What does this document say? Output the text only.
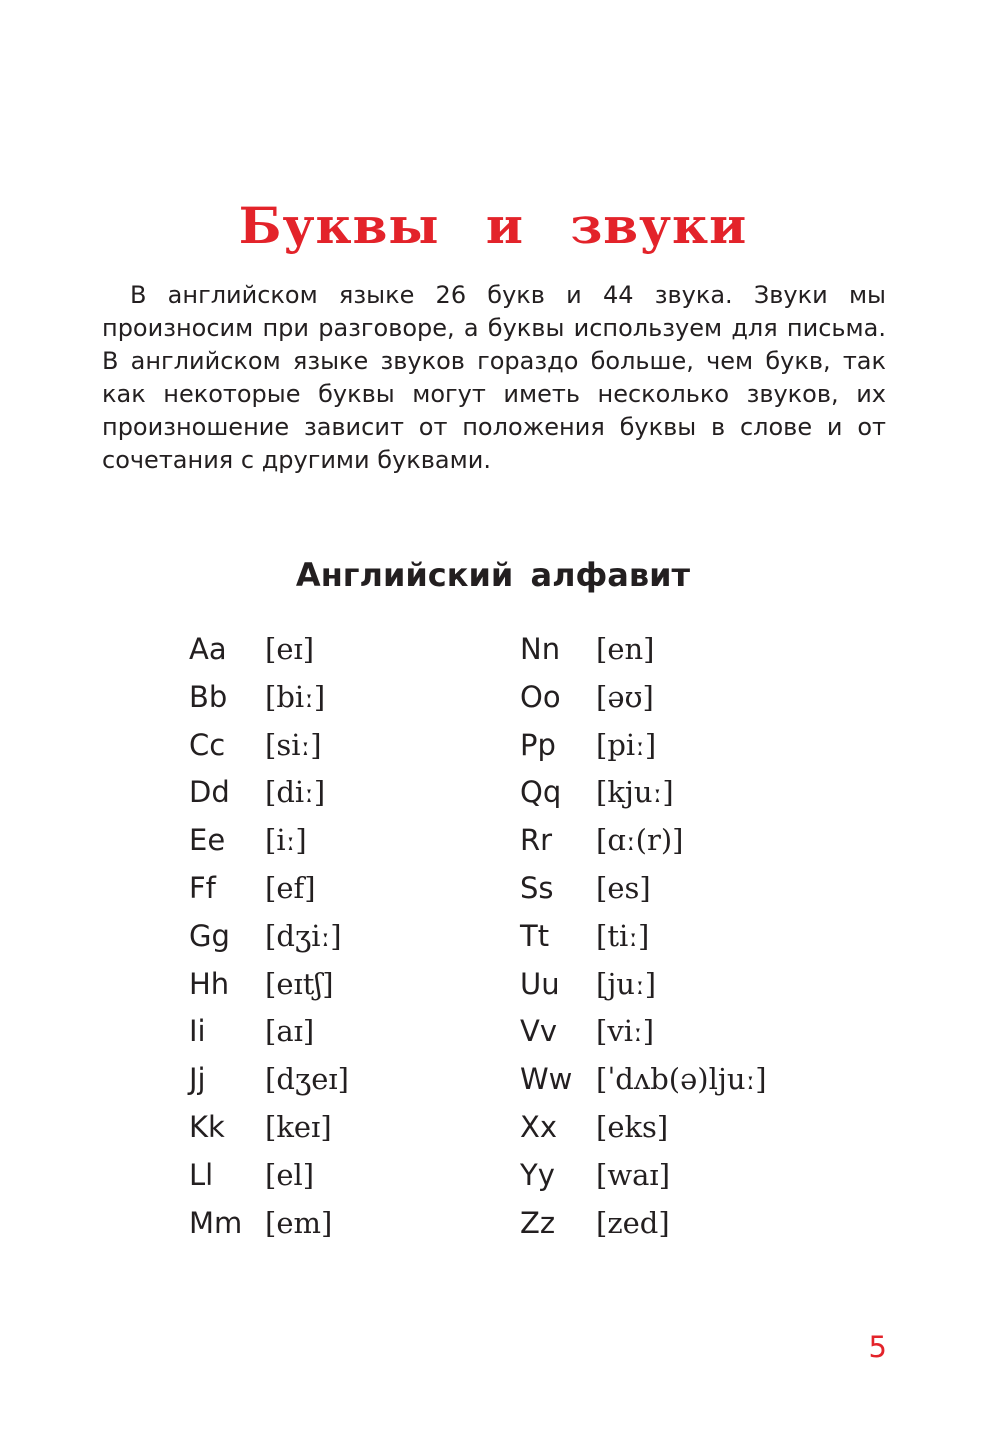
Буквы и звуки
В английском языке 26 букв и 44 звука. Звуки мы произносим при разговоре, а буквы используем для письма. В английском языке звуков гораздо больше, чем букв, так как некоторые буквы могут иметь несколько звуков, их произношение зависит от положения буквы в слове и от сочетания с другими буквами.
Английский алфавит
Aa [eɪ]
Bb [biː]
Cc [siː]
Dd [diː]
Ee [iː]
Ff [ef]
Gg [dʒiː]
Hh [eɪtʃ]
Ii [aɪ]
Jj [dʒeɪ]
Kk [keɪ]
Ll [el]
Mm [em]
Nn [en]
Oo [əʊ]
Pp [piː]
Qq [kjuː]
Rr [ɑː(r)]
Ss [es]
Tt [tiː]
Uu [juː]
Vv [viː]
Ww [ˈdʌb(ə)ljuː]
Xx [eks]
Yy [waɪ]
Zz [zed]
5
